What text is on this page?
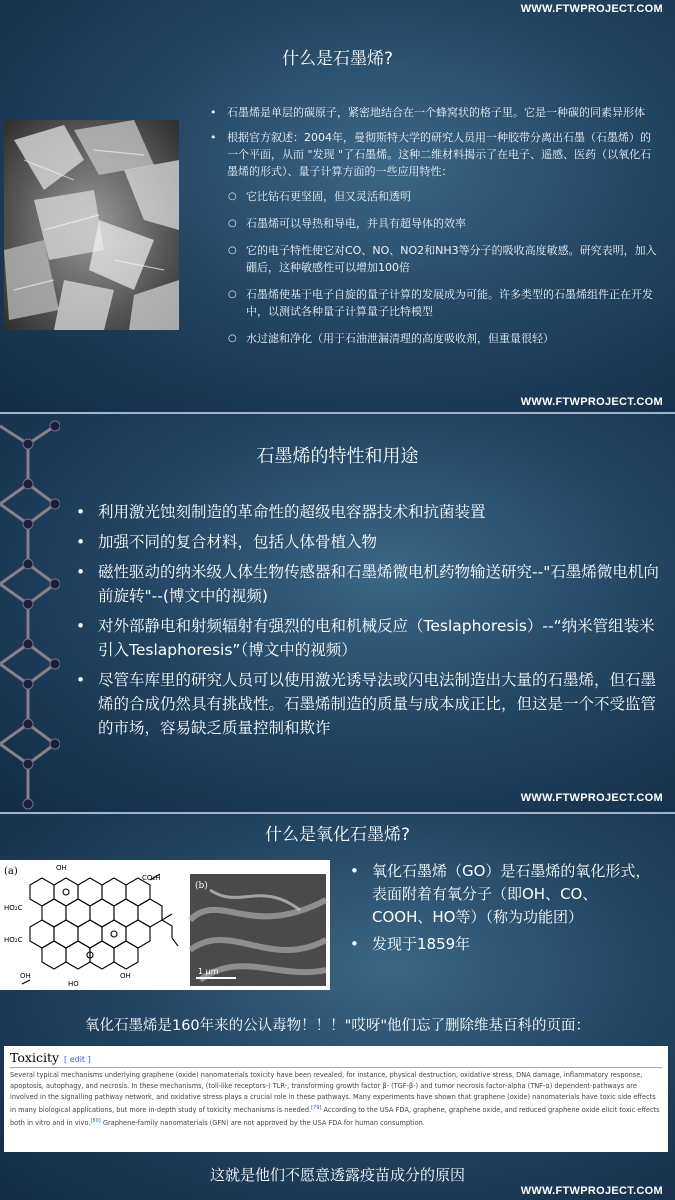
WWW.FTWPROJECT.COM
什么是石墨烯?
• 石墨烯是单层的碳原子，紧密地结合在一个蜂窝状的格子里。它是一种碳的同素异形体
• 根据官方叙述：2004年，曼彻斯特大学的研究人员用一种胶带分离出石墨（石墨烯）的一个平面，从而 "发现 "了石墨烯。这种二维材料揭示了在电子、遥感、医药（以氧化石墨烯的形式）、量子计算方面的一些应用特性：
○ 它比钻石更坚固，但又灵活和透明
○ 石墨烯可以导热和导电，并具有超导体的效率
○ 它的电子特性使它对CO、NO、NO2和NH3等分子的吸收高度敏感。研究表明，加入硼后，这种敏感性可以增加100倍
○ 石墨烯使基于电子自旋的量子计算的发展成为可能。许多类型的石墨烯组件正在开发中，以测试各种量子计算量子比特模型
○ 水过滤和净化（用于石油泄漏清理的高度吸收剂，但重量很轻）
WWW.FTWPROJECT.COM
石墨烯的特性和用途
• 利用激光蚀刻制造的革命性的超级电容器技术和抗菌装置
• 加强不同的复合材料，包括人体骨植入物
• 磁性驱动的纳米级人体生物传感器和石墨烯微电机药物输送研究--"石墨烯微电机向前旋转"--(博文中的视频)
• 对外部静电和射频辐射有强烈的电和机械反应（Teslaphoresis）--“纳米管组装米引入Teslaphoresis”（博文中的视频）
• 尽管车库里的研究人员可以使用激光诱导法或闪电法制造出大量的石墨烯，但石墨烯的合成仍然具有挑战性。石墨烯制造的质量与成本成正比，但这是一个不受监管的市场，容易缺乏质量控制和欺诈
WWW.FTWPROJECT.COM
什么是氧化石墨烯?
(a)	OH
CO₂H
HO₂C
HO₂C
OH
HO
OH
(b)
1 μm
• 氧化石墨烯（GO）是石墨烯的氧化形式，表面附着有氧分子（即OH、CO、COOH、HO等）（称为功能团）
• 发现于1859年
氧化石墨烯是160年来的公认毒物！！！"哎呀"他们忘了删除维基百科的页面：
Toxicity [ edit ]
Several typical mechanisms underlying graphene (oxide) nanomaterials toxicity have been revealed, for instance, physical destruction, oxidative stress, DNA damage, inflammatory response, apoptosis, autophagy, and necrosis. In these mechanisms, (toll-like receptors-) TLR-, transforming growth factor β- (TGF-β-) and tumor necrosis factor-alpha (TNF-α) dependent-pathways are involved in the signalling pathway network, and oxidative stress plays a crucial role in these pathways. Many experiments have shown that graphene (oxide) nanomaterials have toxic side effects in many biological applications, but more in-depth study of toxicity mechanisms is needed.[79] According to the USA FDA, graphene, graphene oxide, and reduced graphene oxide elicit toxic effects both in vitro and in vivo.[80] Graphene-family nanomaterials (GFN) are not approved by the USA FDA for human consumption.
这就是他们不愿意透露疫苗成分的原因
WWW.FTWPROJECT.COM
